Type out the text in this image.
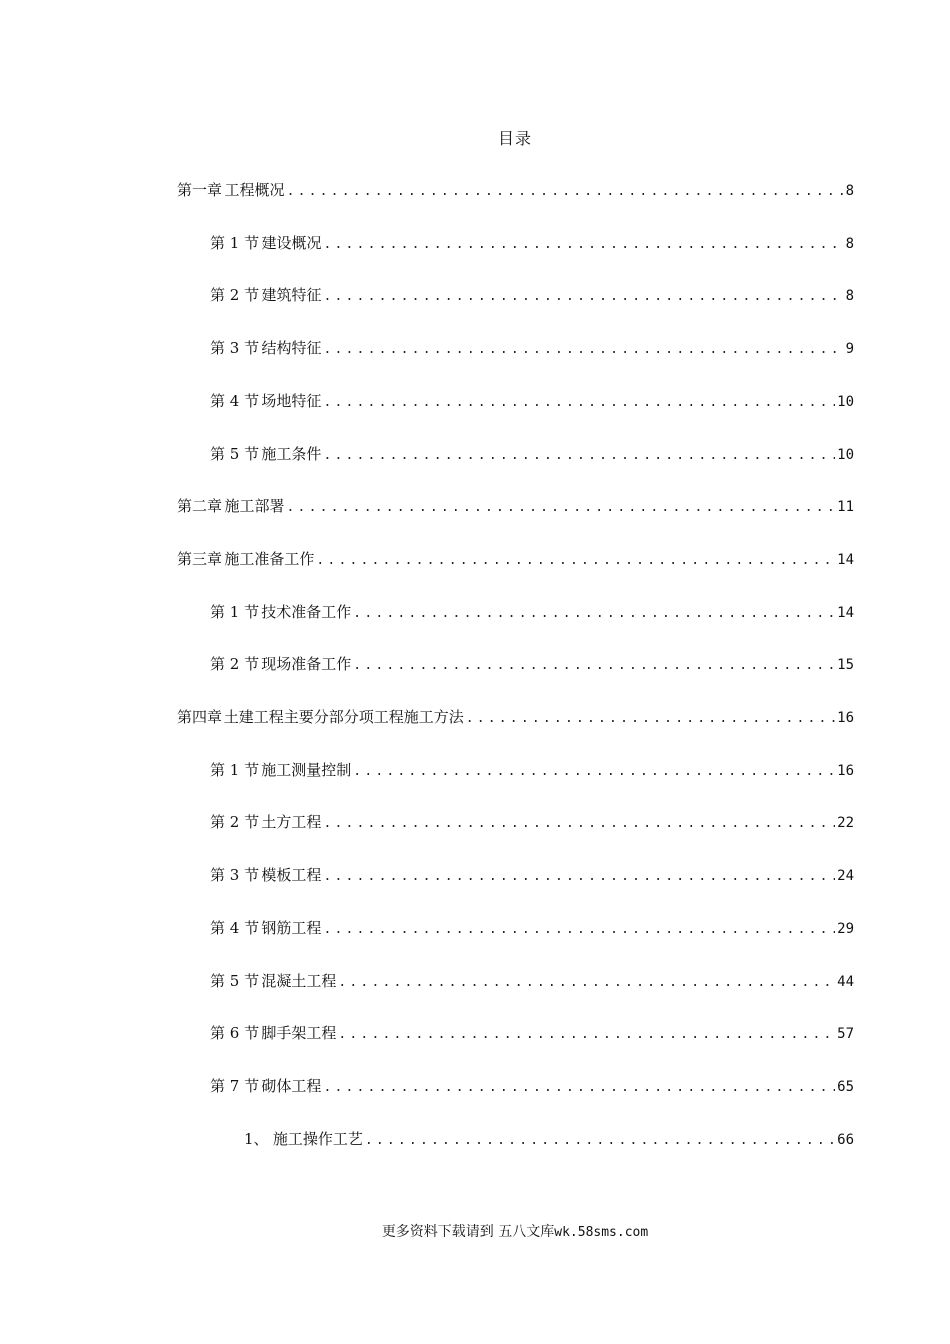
目录
第一章 工程概况 .....	8
第 1 节 建设概况 .....	8
第 2 节 建筑特征 .....	8
第 3 节 结构特征 .....	9
第 4 节 场地特征 .....	10
第 5 节 施工条件 .....	10
第二章 施工部署 .....	11
第三章 施工准备工作 .....	14
第 1 节 技术准备工作 .....	14
第 2 节 现场准备工作 .....	15
第四章 土建工程主要分部分项工程施工方法 .....	16
第 1 节 施工测量控制 .....	16
第 2 节 土方工程 .....	22
第 3 节 模板工程 .....	24
第 4 节 钢筋工程 .....	29
第 5 节 混凝土工程 .....	44
第 6 节 脚手架工程 .....	57
第 7 节 砌体工程 .....	65
1、 施工操作工艺 .....	66
更多资料下载请到 五八文库wk.58sms.com
